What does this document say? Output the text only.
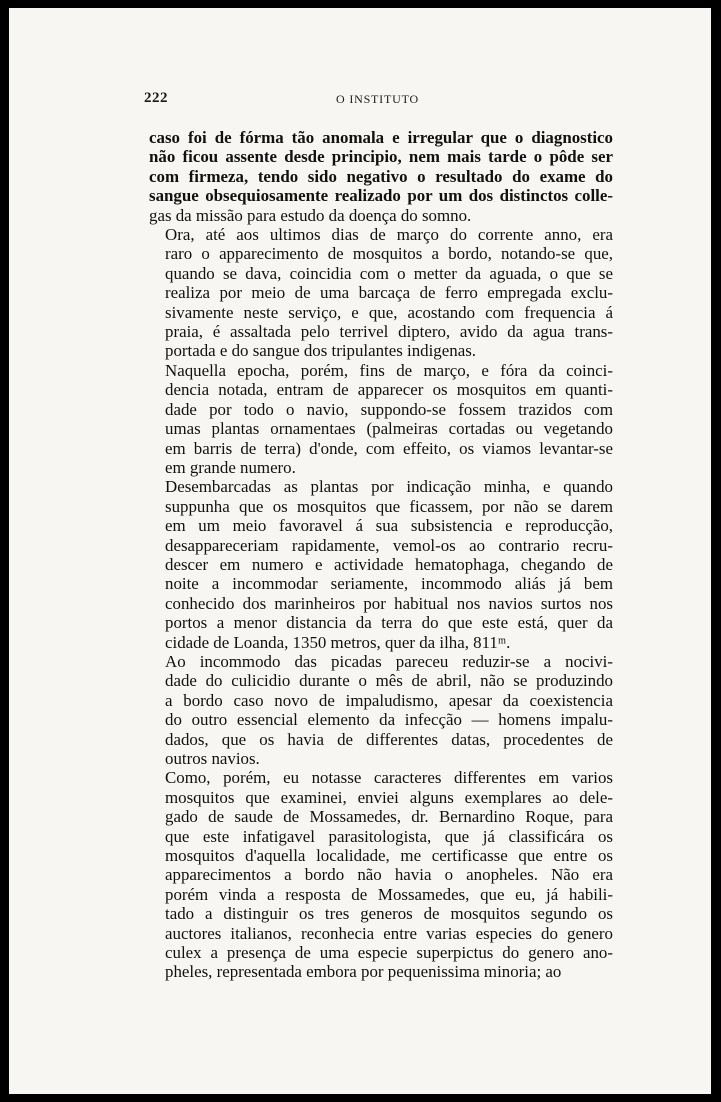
222	O INSTITUTO

caso foi de fórma tão anomala e irregular que o diagnostico
não ficou assente desde principio, nem mais tarde o pôde ser
com firmeza, tendo sido negativo o resultado do exame do
sangue obsequiosamente realizado por um dos distinctos colle-
gas da missão para estudo da doença do somno.

Ora, até aos ultimos dias de março do corrente anno, era
raro o apparecimento de mosquitos a bordo, notando-se que,
quando se dava, coincidia com o metter da aguada, o que se
realiza por meio de uma barcaça de ferro empregada exclu-
sivamente neste serviço, e que, acostando com frequencia á
praia, é assaltada pelo terrivel diptero, avido da agua trans-
portada e do sangue dos tripulantes indigenas.

Naquella epocha, porém, fins de março, e fóra da coinci-
dencia notada, entram de apparecer os mosquitos em quanti-
dade por todo o navio, suppondo-se fossem trazidos com
umas plantas ornamentaes (palmeiras cortadas ou vegetando
em barris de terra) d'onde, com effeito, os viamos levantar-se
em grande numero.

Desembarcadas as plantas por indicação minha, e quando
suppunha que os mosquitos que ficassem, por não se darem
em um meio favoravel á sua subsistencia e reproducção,
desappareceriam rapidamente, vemol-os ao contrario recru-
descer em numero e actividade hematophaga, chegando de
noite a incommodar seriamente, incommodo aliás já bem
conhecido dos marinheiros por habitual nos navios surtos nos
portos a menor distancia da terra do que este está, quer da
cidade de Loanda, 1350 metros, quer da ilha, 811ᵐ.

Ao incommodo das picadas pareceu reduzir-se a nocivi-
dade do culicidio durante o mês de abril, não se produzindo
a bordo caso novo de impaludismo, apesar da coexistencia
do outro essencial elemento da infecção — homens impalu-
dados, que os havia de differentes datas, procedentes de
outros navios.

Como, porém, eu notasse caracteres differentes em varios
mosquitos que examinei, enviei alguns exemplares ao dele-
gado de saude de Mossamedes, dr. Bernardino Roque, para
que este infatigavel parasitologista, que já classificára os
mosquitos d'aquella localidade, me certificasse que entre os
apparecimentos a bordo não havia o anopheles. Não era
porém vinda a resposta de Mossamedes, que eu, já habili-
tado a distinguir os tres generos de mosquitos segundo os
auctores italianos, reconhecia entre varias especies do genero
culex a presença de uma especie superpictus do genero ano-
pheles, representada embora por pequenissima minoria; ao
